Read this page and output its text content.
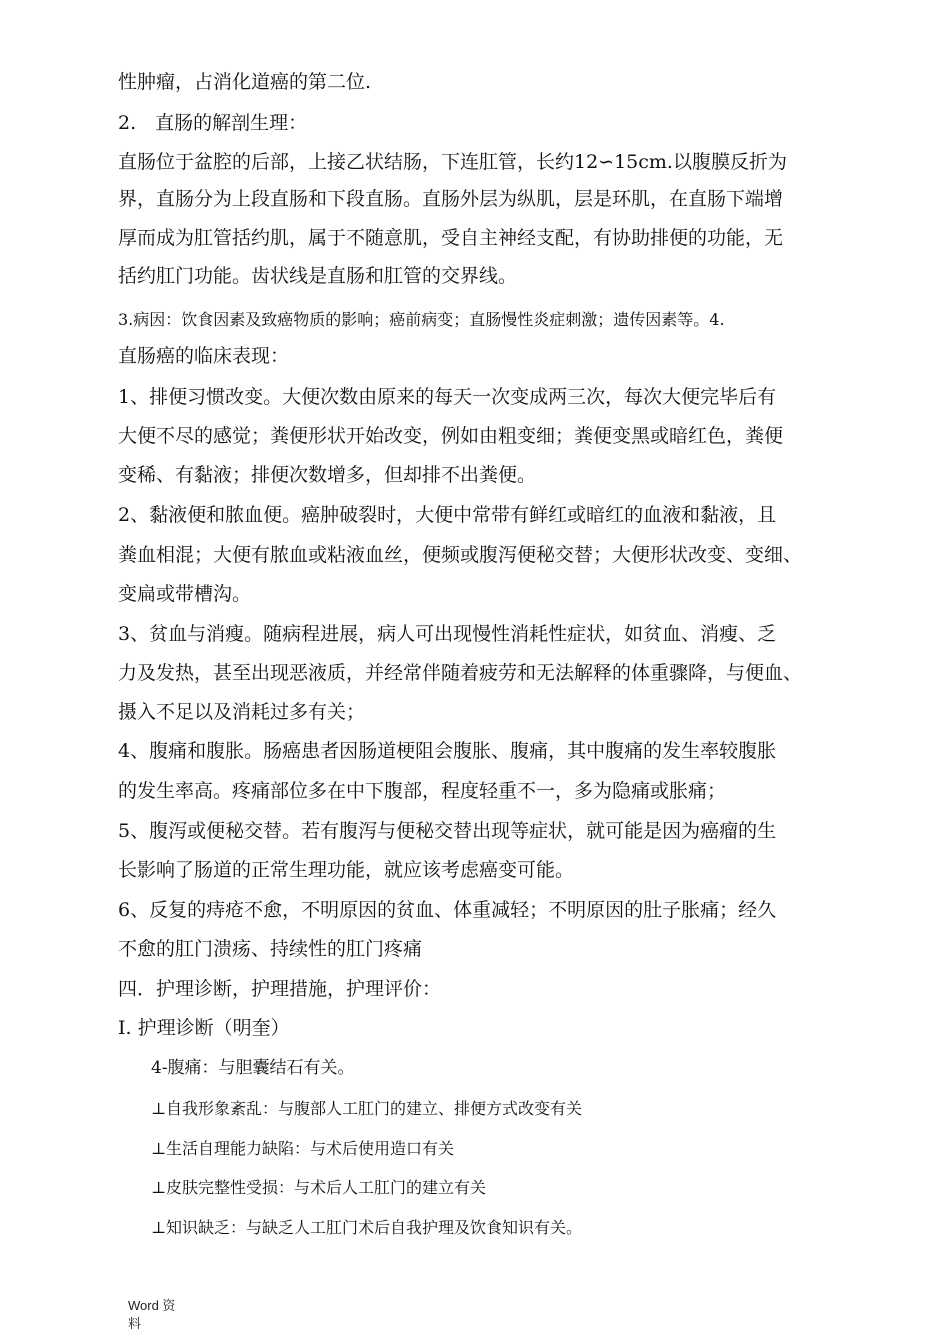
性肿瘤，占消化道癌的第二位.
2.　直肠的解剖生理：
直肠位于盆腔的后部，上接乙状结肠，下连肛管，长约12∽15cm.以腹膜反折为
界，直肠分为上段直肠和下段直肠。直肠外层为纵肌，层是环肌，在直肠下端增
厚而成为肛管括约肌，属于不随意肌，受自主神经支配，有协助排便的功能，无
括约肛门功能。齿状线是直肠和肛管的交界线。
3.病因：饮食因素及致癌物质的影响；癌前病变；直肠慢性炎症刺激；遗传因素等。4.
直肠癌的临床表现：
1、排便习惯改变。大便次数由原来的每天一次变成两三次，每次大便完毕后有
大便不尽的感觉；粪便形状开始改变，例如由粗变细；粪便变黑或暗红色，粪便
变稀、有黏液；排便次数增多，但却排不出粪便。
2、黏液便和脓血便。癌肿破裂时，大便中常带有鲜红或暗红的血液和黏液，且
粪血相混；大便有脓血或粘液血丝，便频或腹泻便秘交替；大便形状改变、变细、
变扁或带槽沟。
3、贫血与消瘦。随病程进展，病人可出现慢性消耗性症状，如贫血、消瘦、乏
力及发热，甚至出现恶液质，并经常伴随着疲劳和无法解释的体重骤降，与便血、
摄入不足以及消耗过多有关；
4、腹痛和腹胀。肠癌患者因肠道梗阻会腹胀、腹痛，其中腹痛的发生率较腹胀
的发生率高。疼痛部位多在中下腹部，程度轻重不一，多为隐痛或胀痛；
5、腹泻或便秘交替。若有腹泻与便秘交替出现等症状，就可能是因为癌瘤的生
长影响了肠道的正常生理功能，就应该考虑癌变可能。
6、反复的痔疮不愈，不明原因的贫血、体重减轻；不明原因的肚子胀痛；经久
不愈的肛门溃疡、持续性的肛门疼痛
四．护理诊断，护理措施，护理评价：
I. 护理诊断（明奎）
4-腹痛：与胆囊结石有关。
⊥自我形象紊乱：与腹部人工肛门的建立、排便方式改变有关
⊥生活自理能力缺陷：与术后使用造口有关
⊥皮肤完整性受损：与术后人工肛门的建立有关
⊥知识缺乏：与缺乏人工肛门术后自我护理及饮食知识有关。
Word 资
料
